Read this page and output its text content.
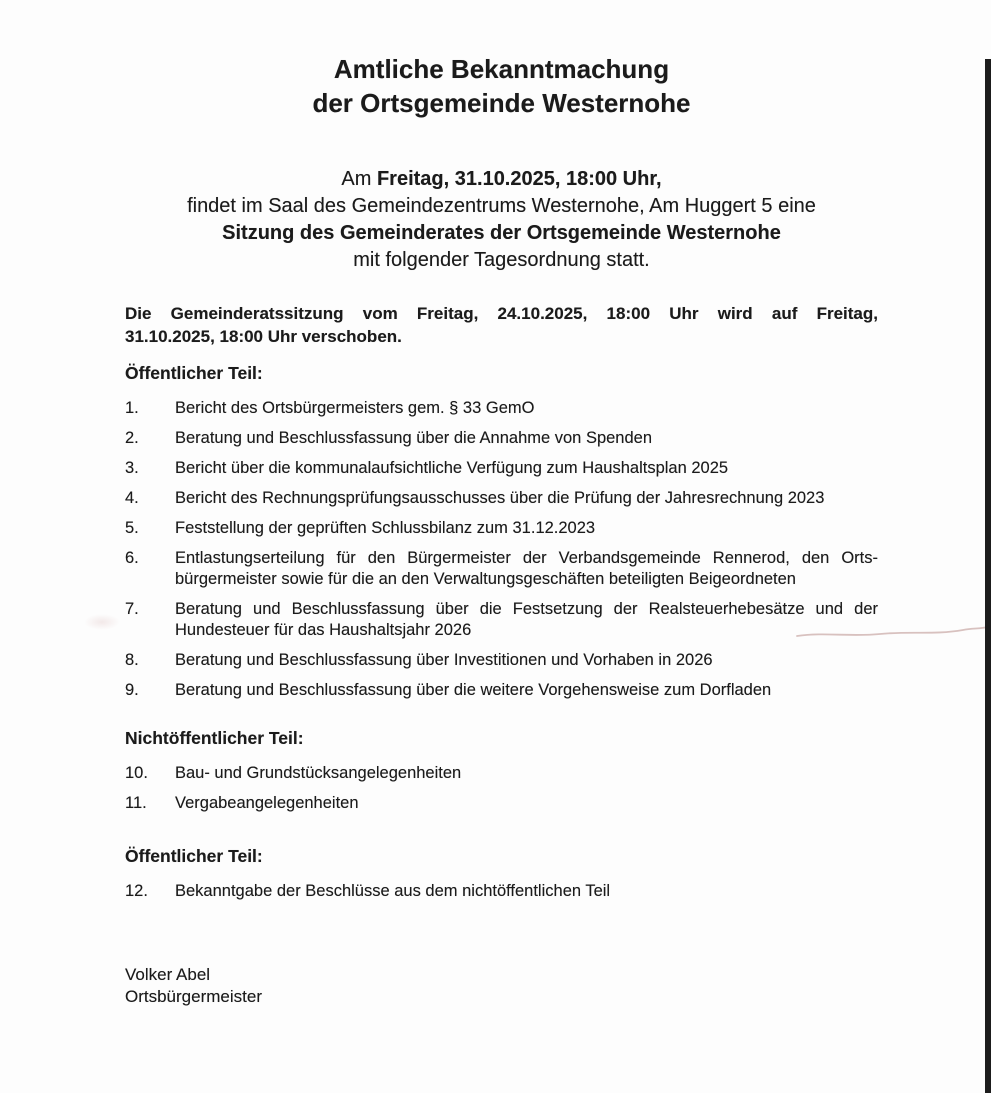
Amtliche Bekanntmachung
der Ortsgemeinde Westernohe
Am Freitag, 31.10.2025, 18:00 Uhr,
findet im Saal des Gemeindezentrums Westernohe, Am Huggert 5 eine
Sitzung des Gemeinderates der Ortsgemeinde Westernohe
mit folgender Tagesordnung statt.
Die Gemeinderatssitzung vom Freitag, 24.10.2025, 18:00 Uhr wird auf Freitag,
31.10.2025, 18:00 Uhr verschoben.
Öffentlicher Teil:
1.	Bericht des Ortsbürgermeisters gem. § 33 GemO
2.	Beratung und Beschlussfassung über die Annahme von Spenden
3.	Bericht über die kommunalaufsichtliche Verfügung zum Haushaltsplan 2025
4.	Bericht des Rechnungsprüfungsausschusses über die Prüfung der Jahresrechnung 2023
5.	Feststellung der geprüften Schlussbilanz zum 31.12.2023
6.	Entlastungserteilung für den Bürgermeister der Verbandsgemeinde Rennerod, den Orts-
bürgermeister sowie für die an den Verwaltungsgeschäften beteiligten Beigeordneten
7.	Beratung und Beschlussfassung über die Festsetzung der Realsteuerhebesätze und der
Hundesteuer für das Haushaltsjahr 2026
8.	Beratung und Beschlussfassung über Investitionen und Vorhaben in 2026
9.	Beratung und Beschlussfassung über die weitere Vorgehensweise zum Dorfladen
Nichtöffentlicher Teil:
10.	Bau- und Grundstücksangelegenheiten
11.	Vergabeangelegenheiten
Öffentlicher Teil:
12.	Bekanntgabe der Beschlüsse aus dem nichtöffentlichen Teil
Volker Abel
Ortsbürgermeister
